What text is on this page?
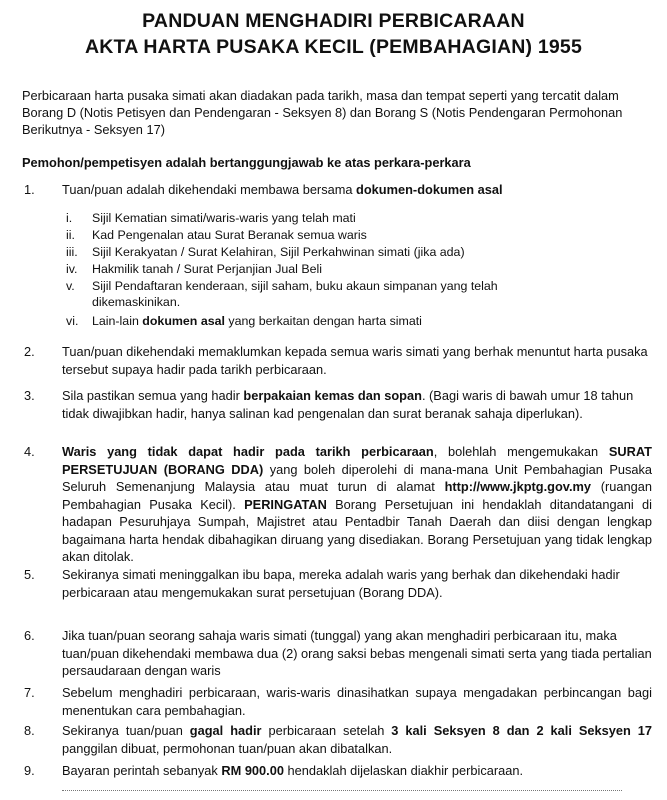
PANDUAN MENGHADIRI PERBICARAAN
AKTA HARTA PUSAKA KECIL (PEMBAHAGIAN) 1955

Perbicaraan harta pusaka simati akan diadakan pada tarikh, masa dan tempat seperti yang tercatit dalam Borang D (Notis Petisyen dan Pendengaran - Seksyen 8) dan Borang S (Notis Pendengaran Permohonan Berikutnya - Seksyen 17)

Pemohon/pempetisyen adalah bertanggungjawab ke atas perkara-perkara
1. Tuan/puan adalah dikehendaki membawa bersama dokumen-dokumen asal

i. Sijil Kematian simati/waris-waris yang telah mati

ii. Kad Pengenalan atau Surat Beranak semua waris

iii. Sijil Kerakyatan / Surat Kelahiran, Sijil Perkahwinan simati (jika ada)

iv. Hakmilik tanah / Surat Perjanjian Jual Beli

v. Sijil Pendaftaran kenderaan, sijil saham, buku akaun simpanan yang telah dikemaskinikan.

vi. Lain-lain dokumen asal yang berkaitan dengan harta simati

2. Tuan/puan dikehendaki memaklumkan kepada semua waris simati yang berhak menuntut harta pusaka tersebut supaya hadir pada tarikh perbicaraan.

3. Sila pastikan semua yang hadir berpakaian kemas dan sopan. (Bagi waris di bawah umur 18 tahun tidak diwajibkan hadir, hanya salinan kad pengenalan dan surat beranak sahaja diperlukan).

4. Waris yang tidak dapat hadir pada tarikh perbicaraan, bolehlah mengemukakan SURAT PERSETUJUAN (BORANG DDA) yang boleh diperolehi di mana-mana Unit Pembahagian Pusaka Seluruh Semenanjung Malaysia atau muat turun di alamat http://www.jkptg.gov.my (ruangan Pembahagian Pusaka Kecil). PERINGATAN Borang Persetujuan ini hendaklah ditandatangani di hadapan Pesuruhjaya Sumpah, Majistret atau Pentadbir Tanah Daerah dan diisi dengan lengkap bagaimana harta hendak dibahagikan diruang yang disediakan. Borang Persetujuan yang tidak lengkap akan ditolak.

5. Sekiranya simati meninggalkan ibu bapa, mereka adalah waris yang berhak dan dikehendaki hadir perbicaraan atau mengemukakan surat persetujuan (Borang DDA).

6. Jika tuan/puan seorang sahaja waris simati (tunggal) yang akan menghadiri perbicaraan itu, maka tuan/puan dikehendaki membawa dua (2) orang saksi bebas mengenali simati serta yang tiada pertalian persaudaraan dengan waris

7. Sebelum menghadiri perbicaraan, waris-waris dinasihatkan supaya mengadakan perbincangan bagi menentukan cara pembahagian.

8. Sekiranya tuan/puan gagal hadir perbicaraan setelah 3 kali Seksyen 8 dan 2 kali Seksyen 17 panggilan dibuat, permohonan tuan/puan akan dibatalkan.

9. Bayaran perintah sebanyak RM 900.00 hendaklah dijelaskan diakhir perbicaraan.
